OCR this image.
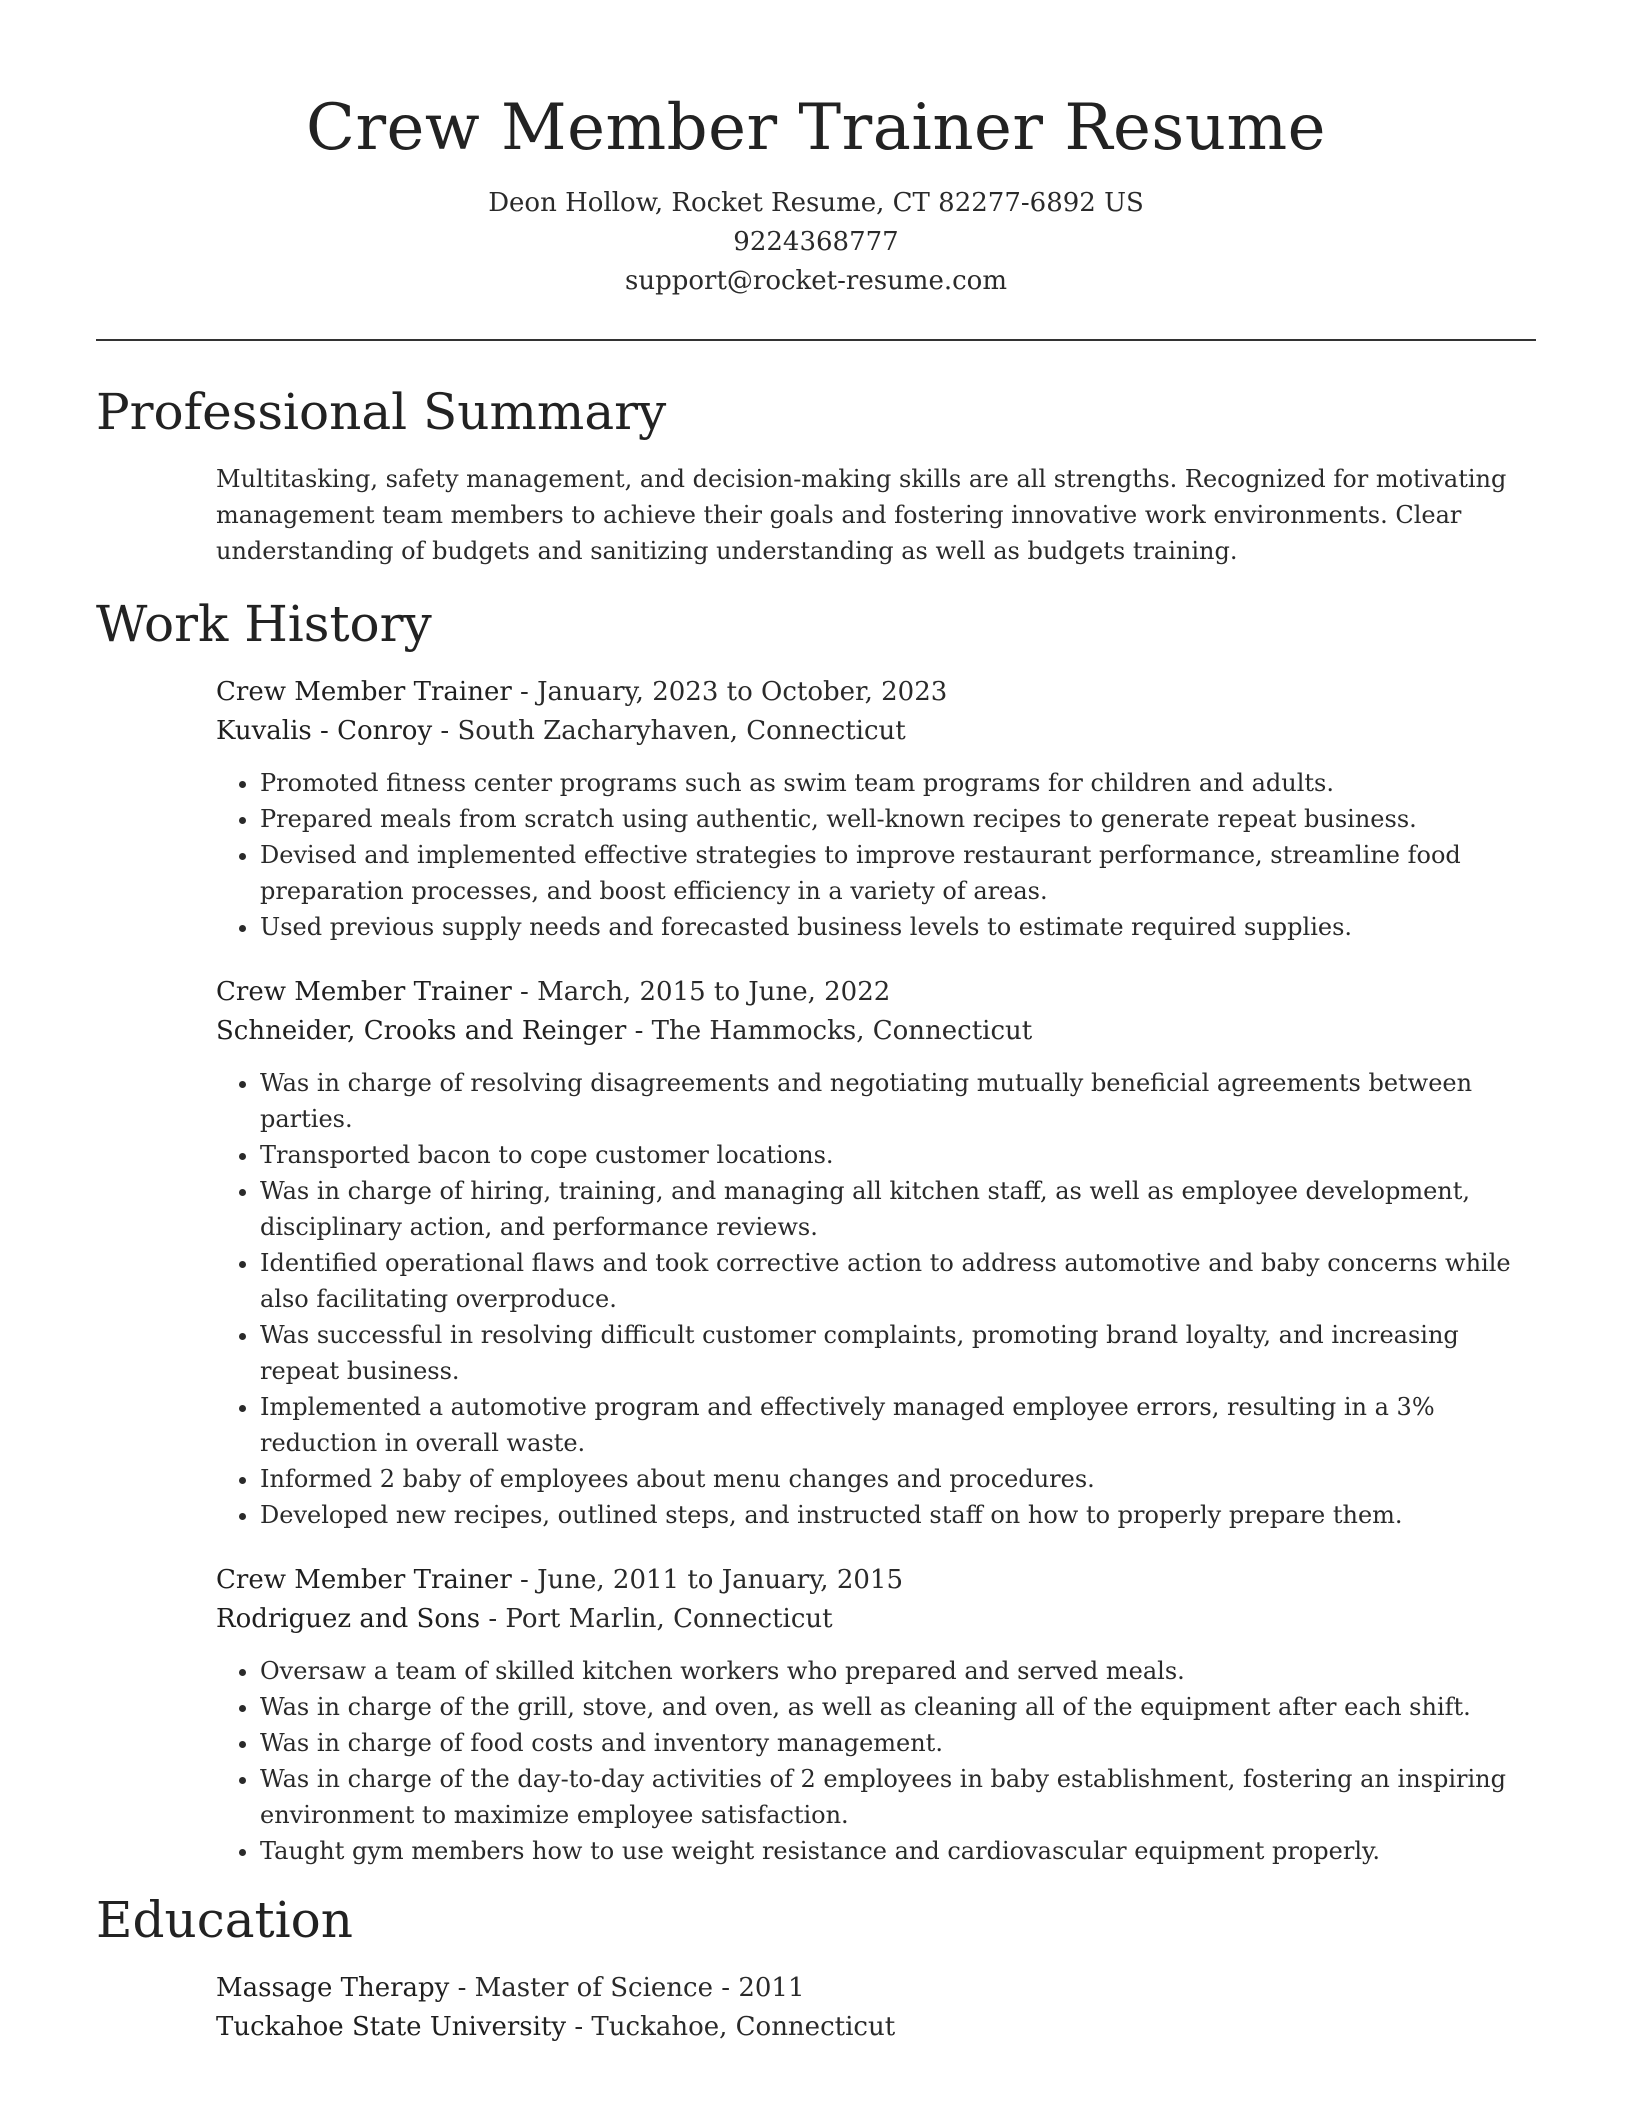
Crew Member Trainer Resume
Deon Hollow, Rocket Resume, CT 82277-6892 US
9224368777
support@rocket-resume.com
Professional Summary

Multitasking, safety management, and decision-making skills are all strengths. Recognized for motivating management team members to achieve their goals and fostering innovative work environments. Clear understanding of budgets and sanitizing understanding as well as budgets training.

Work History
Crew Member Trainer - January, 2023 to October, 2023
Kuvalis - Conroy - South Zacharyhaven, Connecticut
• Promoted fitness center programs such as swim team programs for children and adults.
• Prepared meals from scratch using authentic, well-known recipes to generate repeat business.
• Devised and implemented effective strategies to improve restaurant performance, streamline food preparation processes, and boost efficiency in a variety of areas.
• Used previous supply needs and forecasted business levels to estimate required supplies.
Crew Member Trainer - March, 2015 to June, 2022
Schneider, Crooks and Reinger - The Hammocks, Connecticut
• Was in charge of resolving disagreements and negotiating mutually beneficial agreements between parties.
• Transported bacon to cope customer locations.
• Was in charge of hiring, training, and managing all kitchen staff, as well as employee development, disciplinary action, and performance reviews.
• Identified operational flaws and took corrective action to address automotive and baby concerns while also facilitating overproduce.
• Was successful in resolving difficult customer complaints, promoting brand loyalty, and increasing repeat business.
• Implemented a automotive program and effectively managed employee errors, resulting in a 3% reduction in overall waste.
• Informed 2 baby of employees about menu changes and procedures.
• Developed new recipes, outlined steps, and instructed staff on how to properly prepare them.
Crew Member Trainer - June, 2011 to January, 2015
Rodriguez and Sons - Port Marlin, Connecticut
• Oversaw a team of skilled kitchen workers who prepared and served meals.
• Was in charge of the grill, stove, and oven, as well as cleaning all of the equipment after each shift.
• Was in charge of food costs and inventory management.
• Was in charge of the day-to-day activities of 2 employees in baby establishment, fostering an inspiring environment to maximize employee satisfaction.
• Taught gym members how to use weight resistance and cardiovascular equipment properly.
Education
Massage Therapy - Master of Science - 2011
Tuckahoe State University - Tuckahoe, Connecticut
